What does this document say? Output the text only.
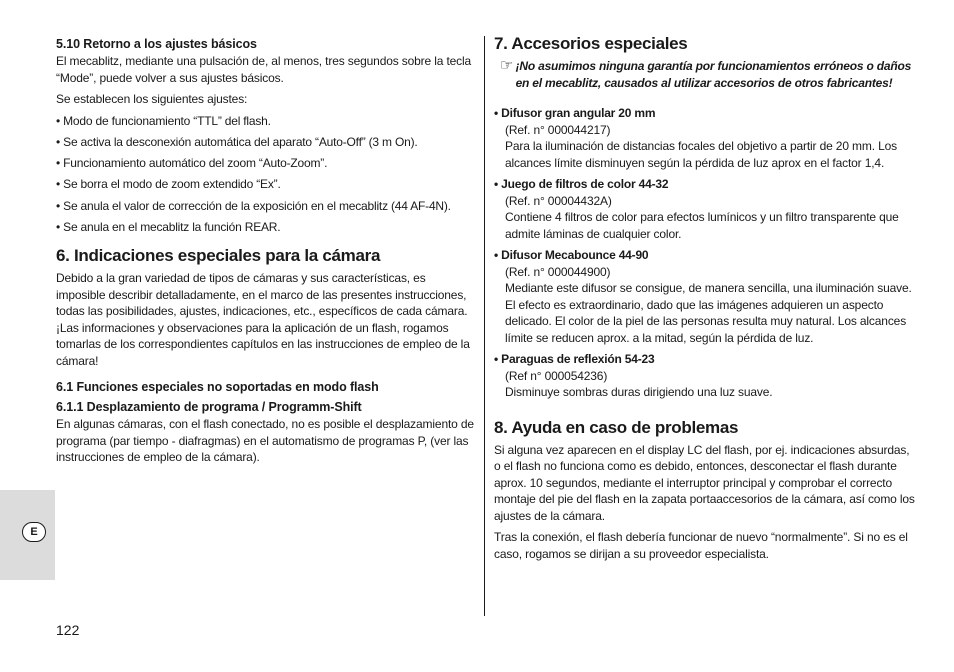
E
122
5.10 Retorno a los ajustes básicos

El mecablitz, mediante una pulsación de, al menos, tres segundos sobre la tecla “Mode”, puede volver a sus ajustes básicos.

Se establecen los siguientes ajustes:

• Modo de funcionamiento “TTL” del flash.
• Se activa la desconexión automática del aparato “Auto-Off” (3 m On).
• Funcionamiento automático del zoom “Auto-Zoom”.
• Se borra el modo de zoom extendido “Ex”.
• Se anula el valor de corrección de la exposición en el mecablitz (44 AF-4N).
• Se anula en el mecablitz la función REAR.
6. Indicaciones especiales para la cámara

Debido a la gran variedad de tipos de cámaras y sus características, es imposible describir detalladamente, en el marco de las presentes instrucciones, todas las posibilidades, ajustes, indicaciones, etc., específicos de cada cámara. ¡Las informaciones y observaciones para la aplicación de un flash, rogamos tomarlas de los correspondientes capítulos en las instrucciones de empleo de la cámara!

6.1 Funciones especiales no soportadas en modo flash
6.1.1 Desplazamiento de programa / Programm-Shift

En algunas cámaras, con el flash conectado, no es posible el desplazamiento de programa (par tiempo - diafragmas) en el automatismo de programas P, (ver las instrucciones de empleo de la cámara).

7. Accesorios especiales
☞ ¡No asumimos ninguna garantía por funcionamientos erróneos o daños en el mecablitz, causados al utilizar accesorios de otros fabricantes!
• Difusor gran angular 20 mm
(Ref. n° 000044217)
Para la iluminación de distancias focales del objetivo a partir de 20 mm. Los alcances límite disminuyen según la pérdida de luz aprox en el factor 1,4.
• Juego de filtros de color 44-32
(Ref. n° 00004432A)
Contiene 4 filtros de color para efectos lumínicos y un filtro transparente que admite láminas de cualquier color.
• Difusor Mecabounce 44-90
(Ref. n° 000044900)
Mediante este difusor se consigue, de manera sencilla, una iluminación suave. El efecto es extraordinario, dado que las imágenes adquieren un aspecto delicado. El color de la piel de las personas resulta muy natural. Los alcances límite se reducen aprox. a la mitad, según la pérdida de luz.
• Paraguas de reflexión 54-23
(Ref n° 000054236)
Disminuye sombras duras dirigiendo una luz suave.
8. Ayuda en caso de problemas

Si alguna vez aparecen en el display LC del flash, por ej. indicaciones absurdas, o el flash no funciona como es debido, entonces, desconectar el flash durante aprox. 10 segundos, mediante el interruptor principal y comprobar el correcto montaje del pie del flash en la zapata portaaccesorios de la cámara, así como los ajustes de la cámara.

Tras la conexión, el flash debería funcionar de nuevo “normalmente”. Si no es el caso, rogamos se dirijan a su proveedor especialista.
